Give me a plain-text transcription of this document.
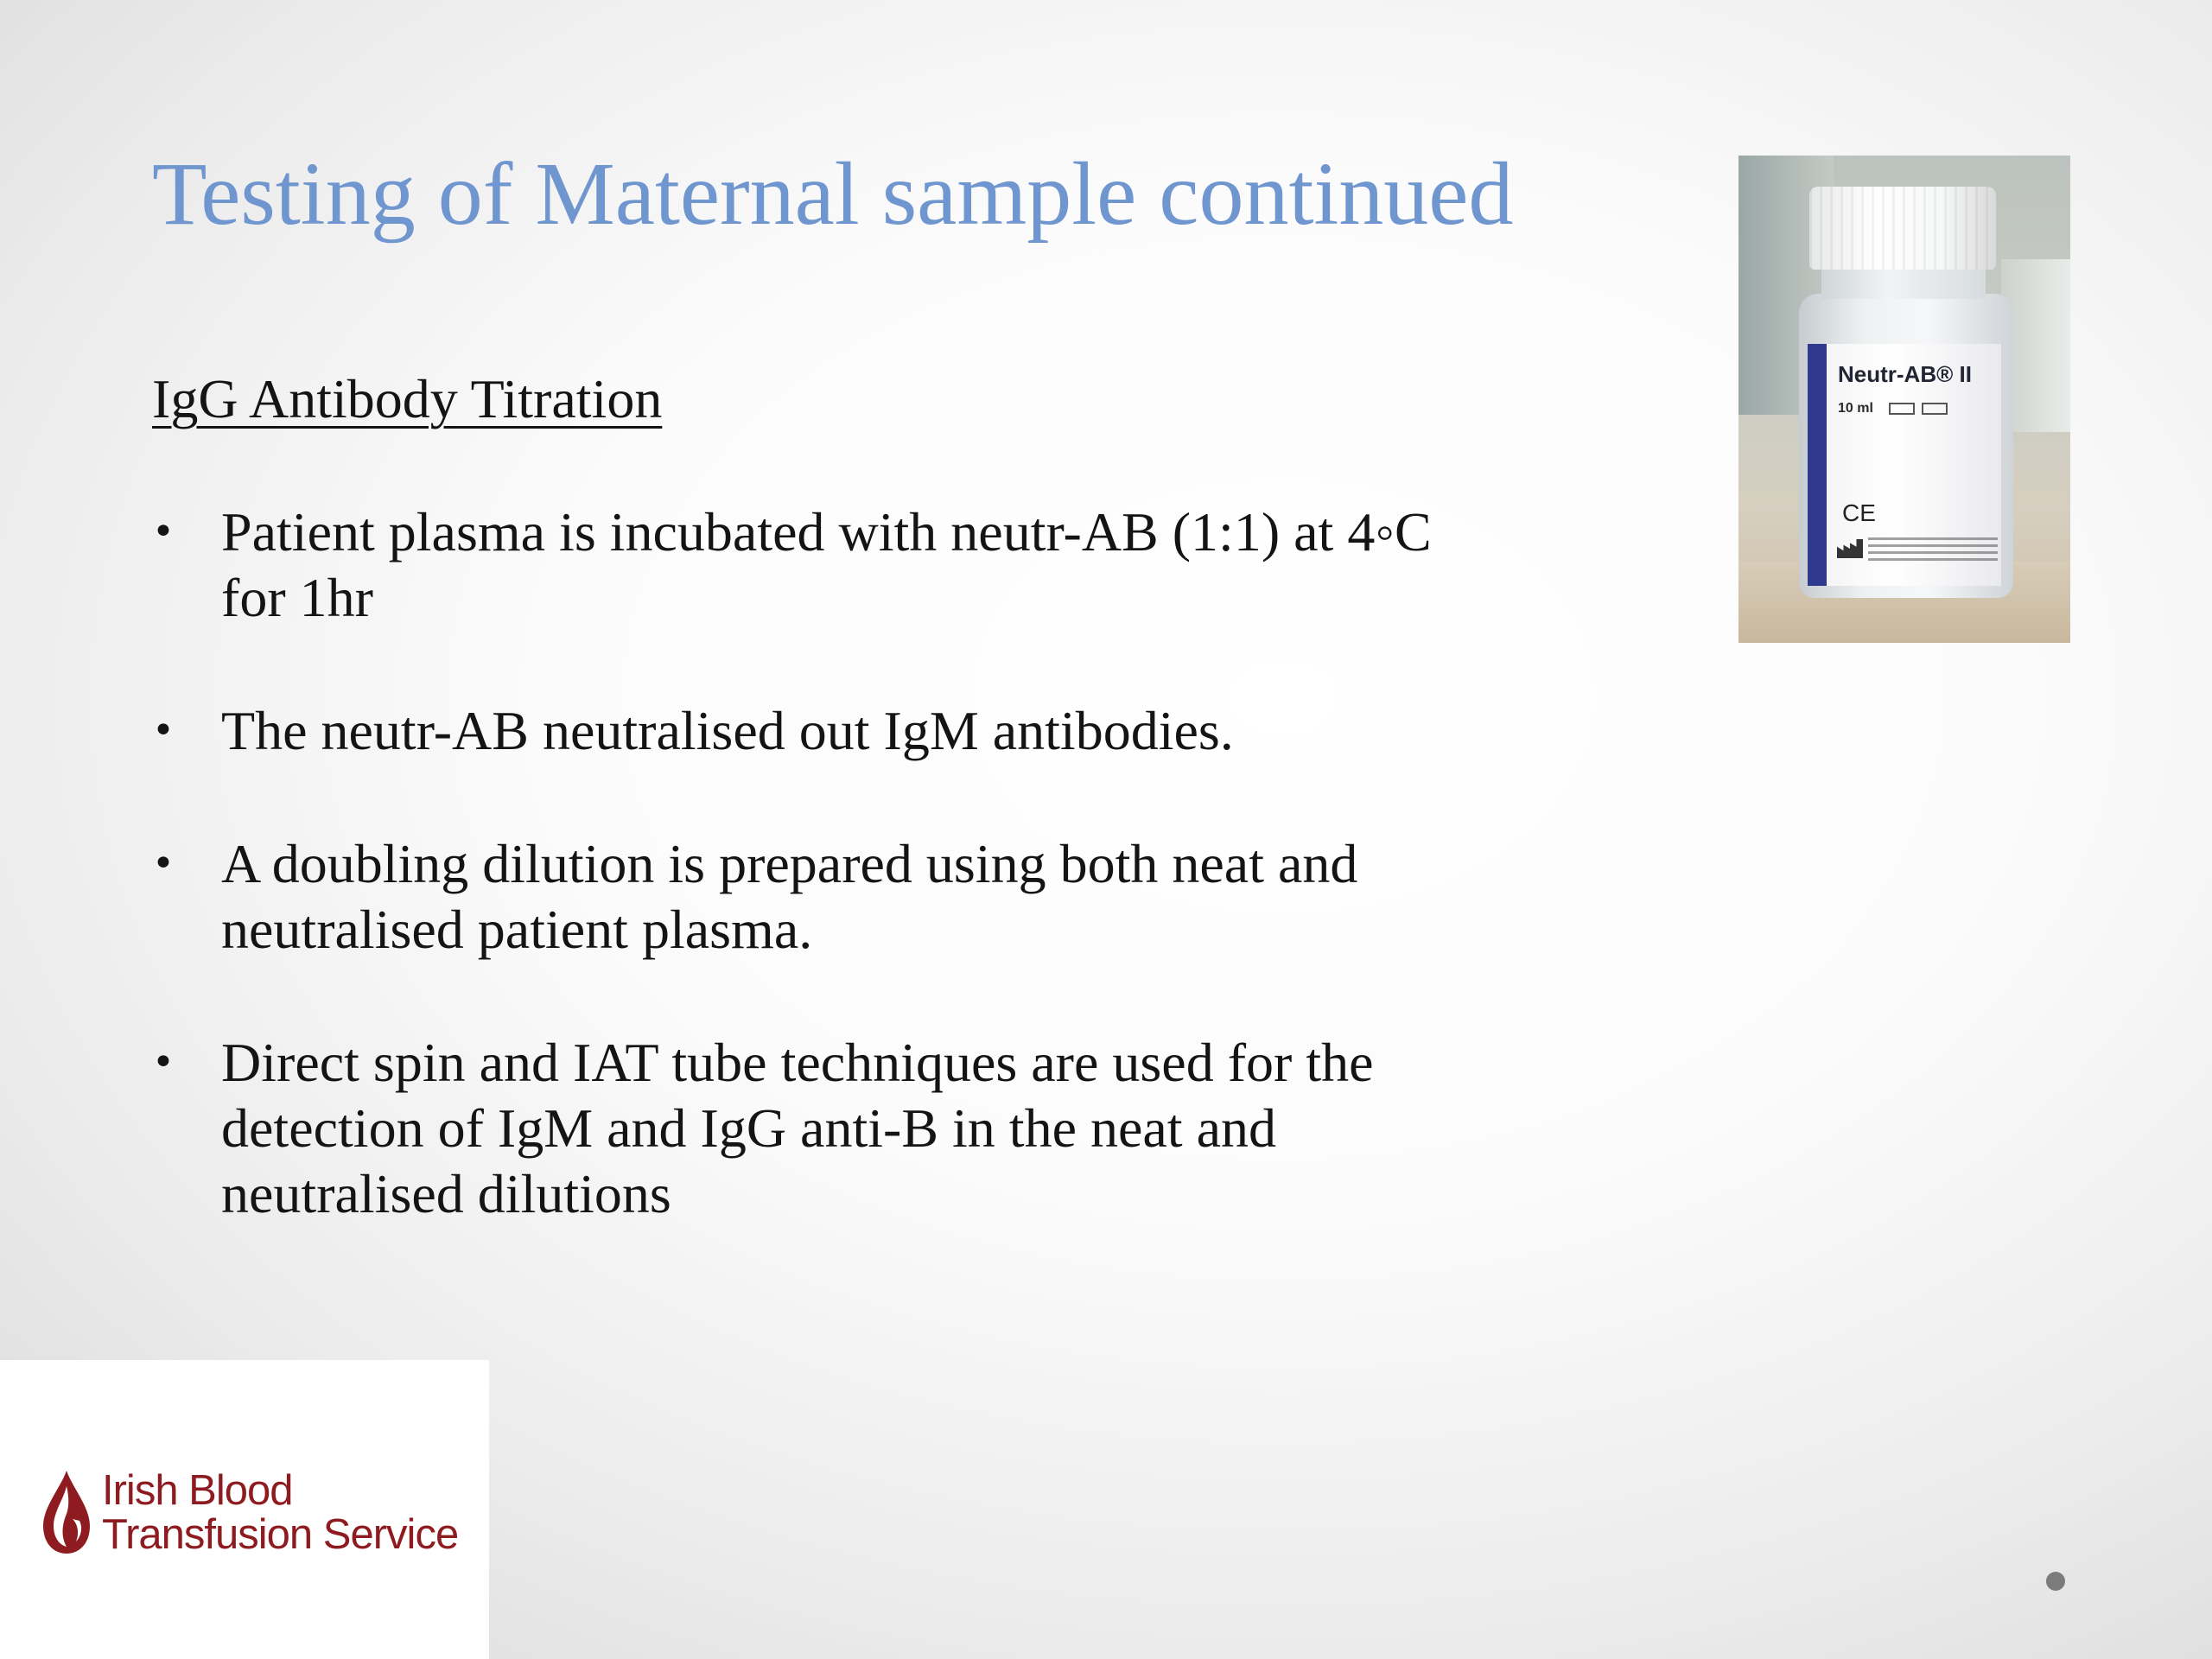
Testing of Maternal sample continued
IgG Antibody Titration
• Patient plasma is incubated with neutr-AB (1:1) at 4◦C for 1hr
• The neutr-AB neutralised out IgM antibodies.
• A doubling dilution is prepared using both neat and neutralised patient plasma.
• Direct spin and IAT tube techniques are used for the detection of IgM and IgG anti-B in the neat and neutralised dilutions
Neutr-AB® II
10 ml
CE
Irish Blood
Transfusion Service
